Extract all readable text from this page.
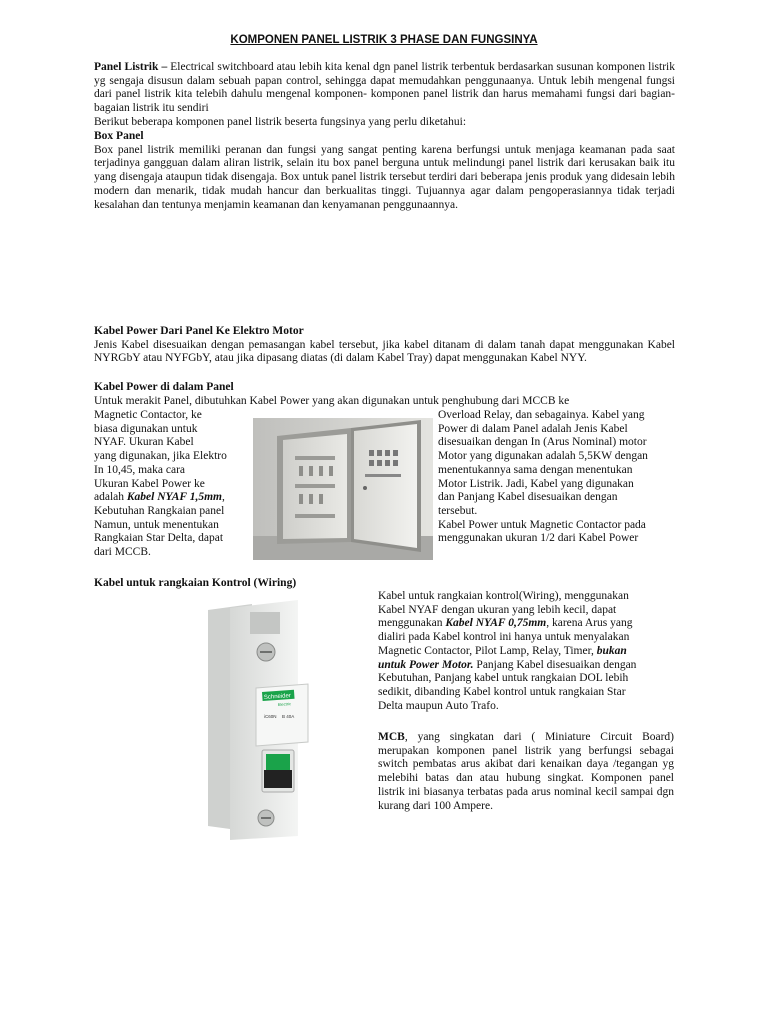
KOMPONEN PANEL LISTRIK 3 PHASE DAN FUNGSINYA

Panel Listrik – Electrical switchboard atau lebih kita kenal dgn panel listrik terbentuk berdasarkan susunan komponen listrik yg sengaja disusun dalam sebuah papan control, sehingga dapat memudahkan penggunaanya. Untuk lebih mengenal fungsi dari panel listrik kita telebih dahulu mengenal komponen- komponen panel listrik dan harus memahami fungsi dari bagian-bagaian listrik itu sendiri

Berikut beberapa komponen panel listrik beserta fungsinya yang perlu diketahui:

Box Panel

Box panel listrik memiliki peranan dan fungsi yang sangat penting karena berfungsi untuk menjaga keamanan pada saat terjadinya gangguan dalam aliran listrik, selain itu box panel berguna untuk melindungi panel listrik dari kerusakan baik itu yang disengaja ataupun tidak disengaja. Box untuk panel listrik tersebut terdiri dari beberapa jenis produk yang didesain lebih modern dan menarik, tidak mudah hancur dan berkualitas tinggi. Tujuannya agar dalam pengoperasiannya tidak terjadi kesalahan dan tentunya menjamin keamanan dan kenyamanan penggunaannya.

Kabel Power Dari Panel Ke Elektro Motor

Jenis Kabel disesuaikan dengan pemasangan kabel tersebut, jika kabel ditanam di dalam tanah dapat menggunakan Kabel NYRGbY atau NYFGbY, atau jika dipasang diatas (di dalam Kabel Tray) dapat menggunakan Kabel NYY.

Kabel Power di dalam Panel

Untuk merakit Panel, dibutuhkan Kabel Power yang akan digunakan untuk penghubung dari MCCB ke

Magnetic Contactor, ke
biasa digunakan untuk
NYAF. Ukuran Kabel
yang digunakan, jika Elektro
In 10,45, maka cara
Ukuran Kabel Power ke
adalah Kabel NYAF 1,5mm,
Kebutuhan Rangkaian panel
Namun, untuk menentukan
Rangkaian Star Delta, dapat
dari MCCB.
Overload Relay, dan sebagainya. Kabel yang
Power di dalam Panel adalah Jenis Kabel
disesuaikan dengan In (Arus Nominal) motor
Motor yang digunakan adalah 5,5KW dengan
menentukannya sama dengan menentukan
Motor Listrik. Jadi, Kabel yang digunakan
dan Panjang Kabel disesuaikan dengan
tersebut.
Kabel Power untuk Magnetic Contactor pada
menggunakan ukuran 1/2 dari Kabel Power

Kabel untuk rangkaian Kontrol (Wiring)

Schneider
Electric
iC60N B 40A
Kabel untuk rangkaian kontrol(Wiring), menggunakan
Kabel NYAF dengan ukuran yang lebih kecil, dapat
menggunakan Kabel NYAF 0,75mm, karena Arus yang
dialiri pada Kabel kontrol ini hanya untuk menyalakan
Magnetic Contactor, Pilot Lamp, Relay, Timer, bukan
untuk Power Motor. Panjang Kabel disesuaikan dengan
Kebutuhan, Panjang kabel untuk rangkaian DOL lebih
sedikit, dibanding Kabel kontrol untuk rangkaian Star
Delta maupun Auto Trafo.

MCB, yang singkatan dari ( Miniature Circuit Board) merupakan komponen panel listrik yang berfungsi sebagai switch pembatas arus akibat dari kenaikan daya /tegangan yg melebihi batas dan atau hubung singkat. Komponen panel listrik ini biasanya terbatas pada arus nominal kecil sampai dgn kurang dari 100 Ampere.
